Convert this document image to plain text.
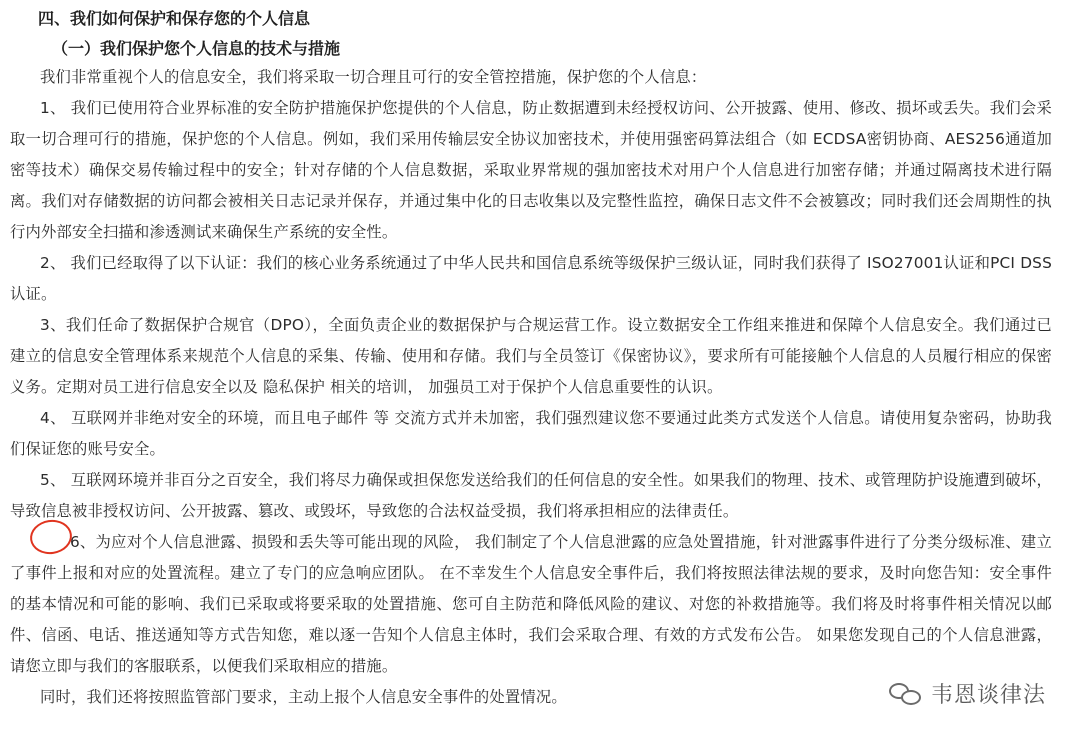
四、我们如何保护和保存您的个人信息
（一）我们保护您个人信息的技术与措施

我们非常重视个人的信息安全，我们将采取一切合理且可行的安全管控措施，保护您的个人信息：

1、 我们已使用符合业界标准的安全防护措施保护您提供的个人信息，防止数据遭到未经授权访问、公开披露、使用、修改、损坏或丢失。我们会采取一切合理可行的措施，保护您的个人信息。例如，我们采用传输层安全协议加密技术，并使用强密码算法组合（如 ECDSA密钥协商、AES256通道加密等技术）确保交易传输过程中的安全；针对存储的个人信息数据，采取业界常规的强加密技术对用户个人信息进行加密存储；并通过隔离技术进行隔离。我们对存储数据的访问都会被相关日志记录并保存，并通过集中化的日志收集以及完整性监控，确保日志文件不会被篡改；同时我们还会周期性的执行内外部安全扫描和渗透测试来确保生产系统的安全性。

2、 我们已经取得了以下认证：我们的核心业务系统通过了中华人民共和国信息系统等级保护三级认证，同时我们获得了 ISO27001认证和PCI DSS认证。

3、我们任命了数据保护合规官（DPO），全面负责企业的数据保护与合规运营工作。设立数据安全工作组来推进和保障个人信息安全。我们通过已建立的信息安全管理体系来规范个人信息的采集、传输、使用和存储。我们与全员签订《保密协议》，要求所有可能接触个人信息的人员履行相应的保密义务。定期对员工进行信息安全以及 隐私保护 相关的培训， 加强员工对于保护个人信息重要性的认识。

4、 互联网并非绝对安全的环境，而且电子邮件 等 交流方式并未加密，我们强烈建议您不要通过此类方式发送个人信息。请使用复杂密码，协助我们保证您的账号安全。

5、 互联网环境并非百分之百安全，我们将尽力确保或担保您发送给我们的任何信息的安全性。如果我们的物理、技术、或管理防护设施遭到破坏，导致信息被非授权访问、公开披露、篡改、或毁坏，导致您的合法权益受损，我们将承担相应的法律责任。

6、为应对个人信息泄露、损毁和丢失等可能出现的风险， 我们制定了个人信息泄露的应急处置措施，针对泄露事件进行了分类分级标准、建立了事件上报和对应的处置流程。建立了专门的应急响应团队。 在不幸发生个人信息安全事件后，我们将按照法律法规的要求，及时向您告知：安全事件的基本情况和可能的影响、我们已采取或将要采取的处置措施、您可自主防范和降低风险的建议、对您的补救措施等。我们将及时将事件相关情况以邮件、信函、电话、推送通知等方式告知您，难以逐一告知个人信息主体时，我们会采取合理、有效的方式发布公告。 如果您发现自己的个人信息泄露，请您立即与我们的客服联系，以便我们采取相应的措施。

同时，我们还将按照监管部门要求，主动上报个人信息安全事件的处置情况。	韦恩谈律法
